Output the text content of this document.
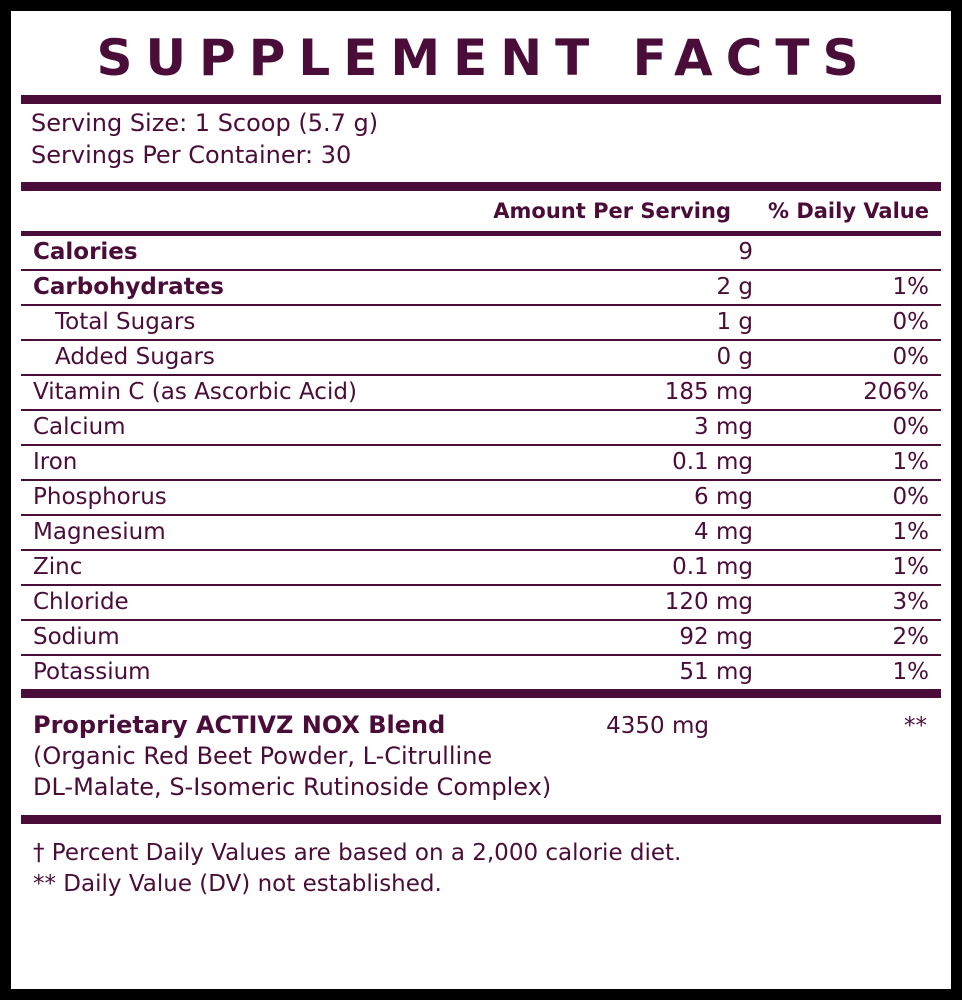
SUPPLEMENT FACTS
Serving Size: 1 Scoop (5.7 g)
Servings Per Container: 30
	Amount Per Serving	% Daily Value
Calories	9	
Carbohydrates	2 g	1%
Total Sugars	1 g	0%
Added Sugars	0 g	0%
Vitamin C (as Ascorbic Acid)	185 mg	206%
Calcium	3 mg	0%
Iron	0.1 mg	1%
Phosphorus	6 mg	0%
Magnesium	4 mg	1%
Zinc	0.1 mg	1%
Chloride	120 mg	3%
Sodium	92 mg	2%
Potassium	51 mg	1%
Proprietary ACTIVZ NOX Blend	4350 mg	**
(Organic Red Beet Powder, L-Citrulline
DL-Malate, S-Isomeric Rutinoside Complex)
† Percent Daily Values are based on a 2,000 calorie diet.
** Daily Value (DV) not established.
